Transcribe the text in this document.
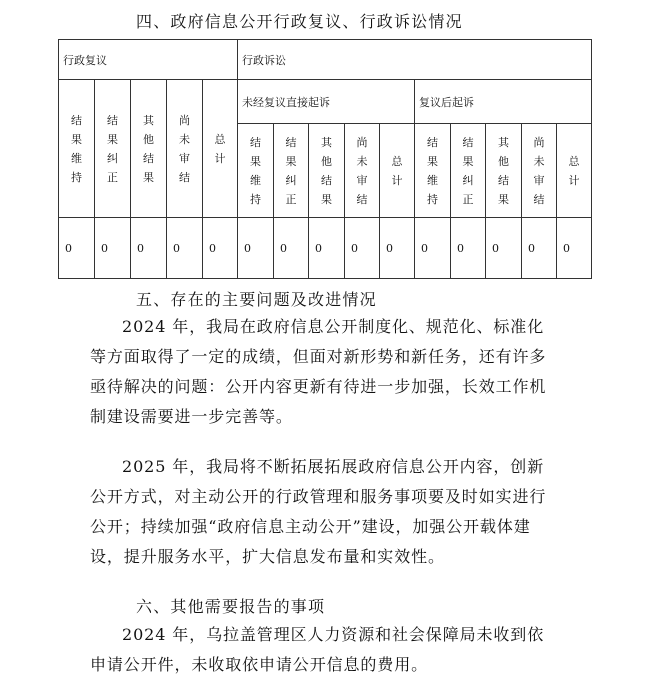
四、政府信息公开行政复议、行政诉讼情况
行政复议					行政诉讼									
结果维持	结果纠正	其他结果	尚未审结	总计	未经复议直接起诉					复议后起诉				
					结果维持	结果纠正	其他结果	尚未审结	总计	结果维持	结果纠正	其他结果	尚未审结	总计
0	0	0	0	0	0	0	0	0	0	0	0	0	0	0
五、存在的主要问题及改进情况

2024 年，我局在政府信息公开制度化、规范化、标准化等方面取得了一定的成绩，但面对新形势和新任务，还有许多亟待解决的问题：公开内容更新有待进一步加强，长效工作机制建设需要进一步完善等。

2025 年，我局将不断拓展拓展政府信息公开内容，创新公开方式，对主动公开的行政管理和服务事项要及时如实进行公开；持续加强“政府信息主动公开”建设，加强公开载体建设，提升服务水平，扩大信息发布量和实效性。

六、其他需要报告的事项

2024 年，乌拉盖管理区人力资源和社会保障局未收到依申请公开件，未收取依申请公开信息的费用。
